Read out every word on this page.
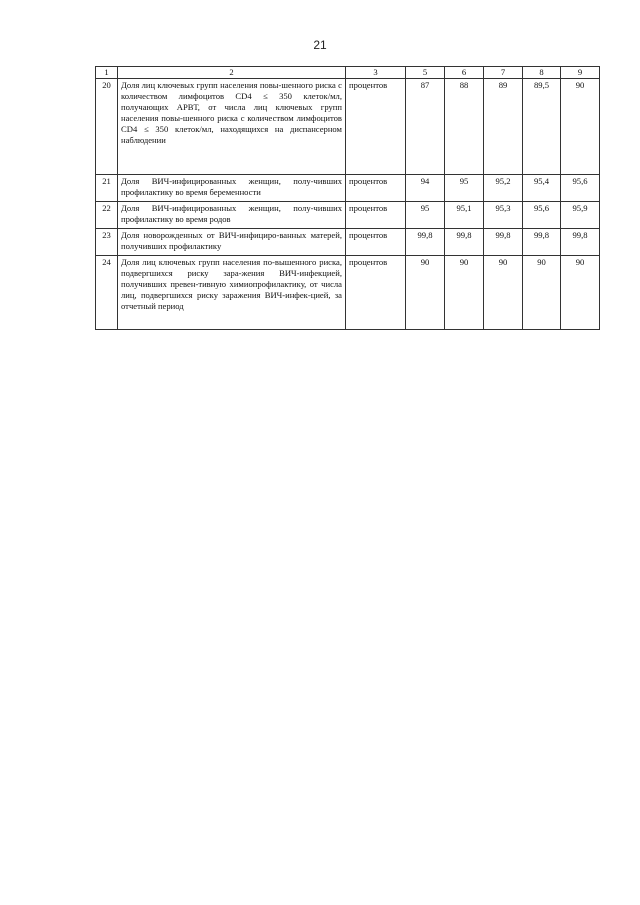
21
1	2	3	5	6	7	8	9
20	Доля лиц ключевых групп населения повы-шенного риска с количеством лимфоцитов CD4 ≤ 350 клеток/мл, получающих АРВТ, от числа лиц ключевых групп населения повы-шенного риска с количеством лимфоцитов CD4 ≤ 350 клеток/мл, находящихся на диспансерном наблюдении	процентов	87	88	89	89,5	90
21	Доля ВИЧ-инфицированных женщин, полу-чивших профилактику во время беременности	процентов	94	95	95,2	95,4	95,6
22	Доля ВИЧ-инфицированных женщин, полу-чивших профилактику во время родов	процентов	95	95,1	95,3	95,6	95,9
23	Доля новорожденных от ВИЧ-инфициро-ванных матерей, получивших профилактику	процентов	99,8	99,8	99,8	99,8	99,8
24	Доля лиц ключевых групп населения по-вышенного риска, подвергшихся риску зара-жения ВИЧ-инфекцией, получивших превен-тивную химиопрофилактику, от числа лиц, подвергшихся риску заражения ВИЧ-инфек-цией, за отчетный период	процентов	90	90	90	90	90
